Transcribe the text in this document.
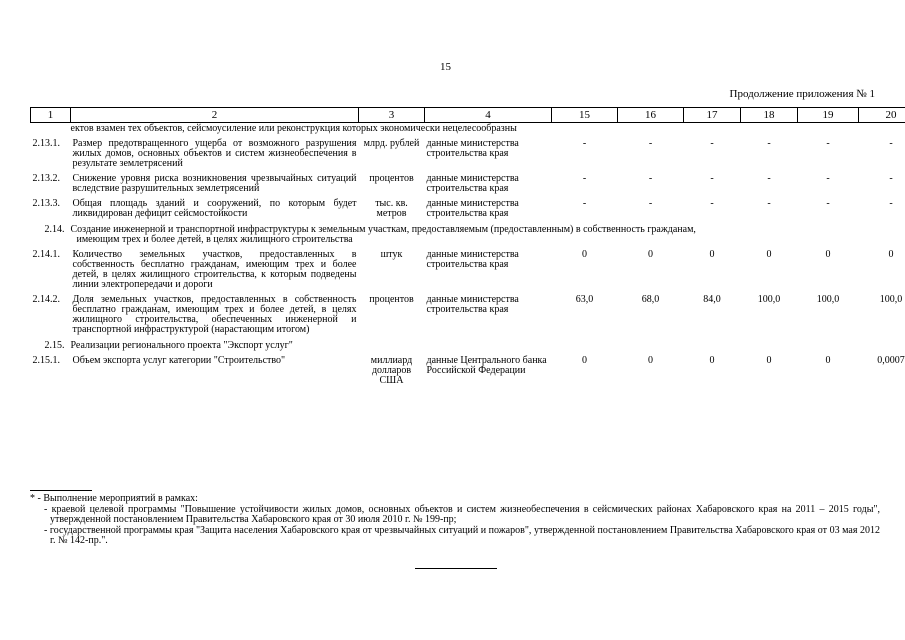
15
Продолжение приложения № 1
1	2	3	4	15	16	17	18	19	20
ектов взамен тех объектов, сейсмоусиление или реконструкция которых экономически нецелесообразны									
2.13.1.	Размер предотвращенного ущерба от возможного разрушения жилых домов, основных объектов и систем жизнеобеспечения в результате землетрясений	млрд. рублей	данные министерства строительства края	-	-	-	-	-	-
2.13.2.	Снижение уровня риска возникновения чрезвычайных ситуаций вследствие разрушительных землетрясений	процентов	данные министерства строительства края	-	-	-	-	-	-
2.13.3.	Общая площадь зданий и сооружений, по которым будет ликвидирован дефицит сейсмостойкости	тыс. кв. метров	данные министерства строительства края	-	-	-	-	-	-
2.14. Создание инженерной и транспортной инфраструктуры к земельным участкам, предоставляемым (предоставленным) в собственность гражданам,
имеющим трех и более детей, в целях жилищного строительства									

2.14.1.	Количество земельных участков, предоставленных в собственность бесплатно гражданам, имеющим трех и более детей, в целях жилищного строительства, к которым подведены линии электропередачи и дороги	штук	данные министерства строительства края	0	0	0	0	0	0
2.14.2.	Доля земельных участков, предоставленных в собственность бесплатно гражданам, имеющим трех и более детей, в целях жилищного строительства, обеспеченных инженерной и транспортной инфраструктурой (нарастающим итогом)	процентов	данные министерства строительства края	63,0	68,0	84,0	100,0	100,0	100,0
2.15. Реализации регионального проекта "Экспорт услуг"									
2.15.1.	Объем экспорта услуг категории "Строительство"	миллиард долларов США	данные Центрального банка Российской Федерации	0	0	0	0	0	0,0007
* - Выполнение мероприятий в рамках:
- краевой целевой программы "Повышение устойчивости жилых домов, основных объектов и систем жизнеобеспечения в сейсмических районах Хабаровского края на 2011 – 2015 годы", утвержденной постановлением Правительства Хабаровского края от 30 июля 2010 г. № 199-пр;
- государственной программы края "Защита населения Хабаровского края от чрезвычайных ситуаций и пожаров", утвержденной постановлением Правительства Хабаровского края от 03 мая 2012 г. № 142-пр.".
